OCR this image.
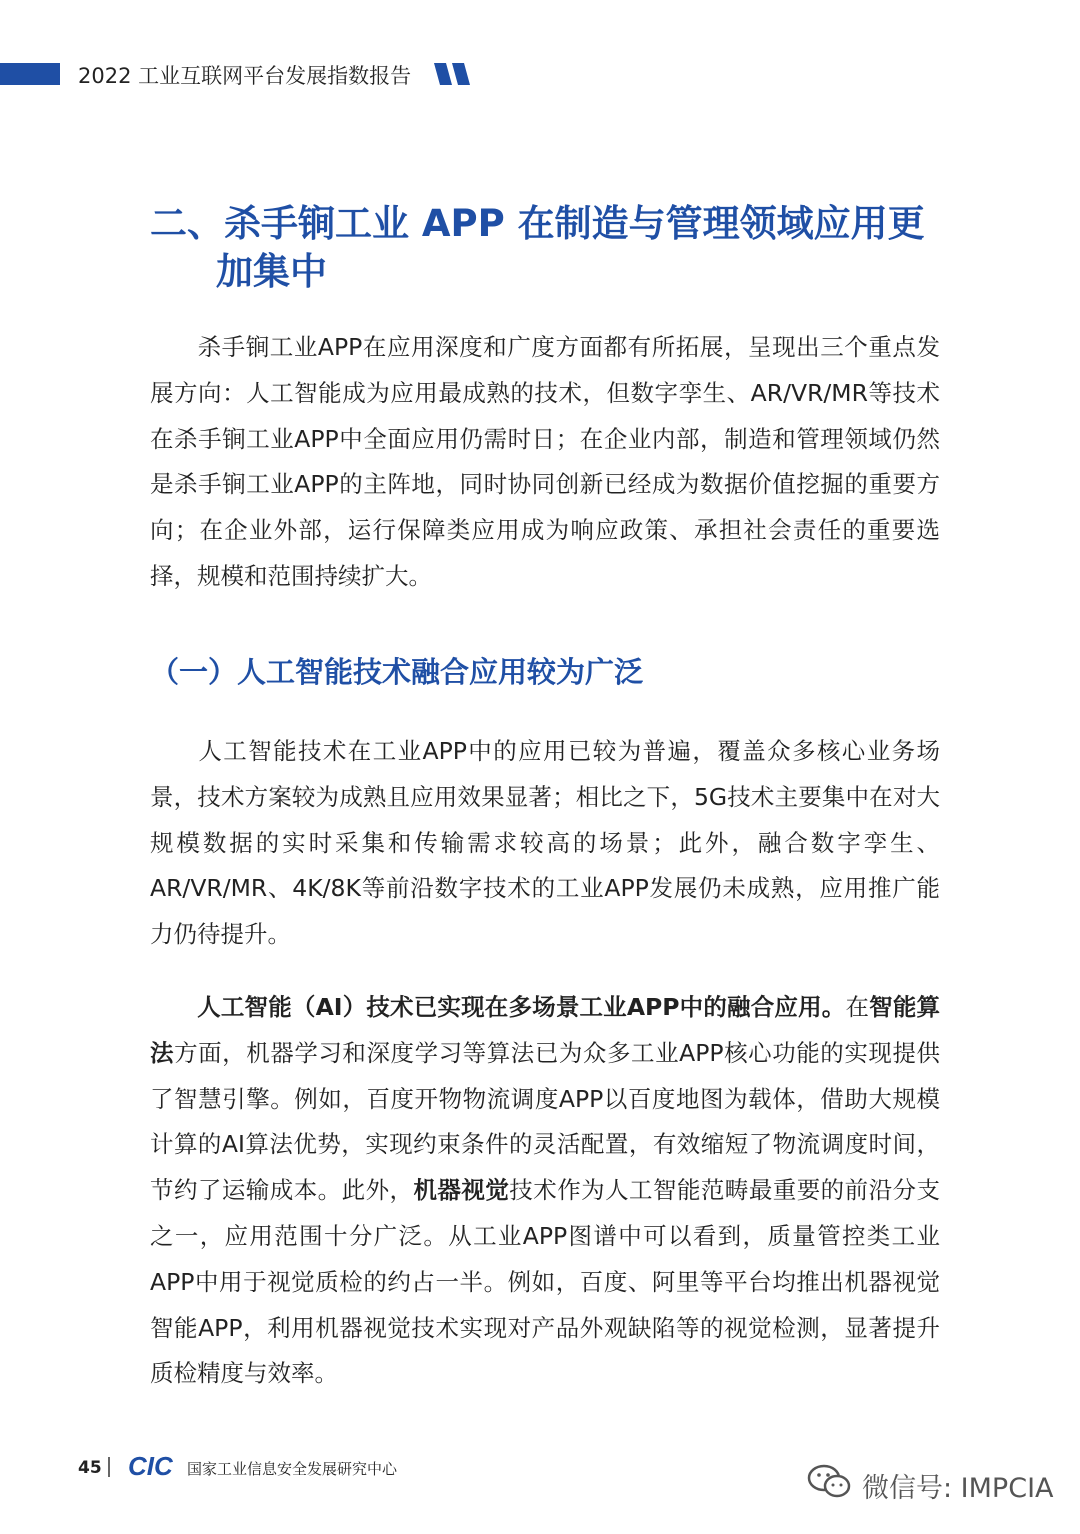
2022 工业互联网平台发展指数报告
二、杀手锏工业 APP 在制造与管理领域应用更
加集中
杀手锏工业APP在应用深度和广度方面都有所拓展，呈现出三个重点发展方向：人工智能成为应用最成熟的技术，但数字孪生、AR/VR/MR等技术在杀手锏工业APP中全面应用仍需时日；在企业内部，制造和管理领域仍然是杀手锏工业APP的主阵地，同时协同创新已经成为数据价值挖掘的重要方向；在企业外部，运行保障类应用成为响应政策、承担社会责任的重要选择，规模和范围持续扩大。
（一）人工智能技术融合应用较为广泛
人工智能技术在工业APP中的应用已较为普遍，覆盖众多核心业务场景，技术方案较为成熟且应用效果显著；相比之下，5G技术主要集中在对大规模数据的实时采集和传输需求较高的场景；此外，融合数字孪生、AR/VR/MR、4K/8K等前沿数字技术的工业APP发展仍未成熟，应用推广能力仍待提升。
人工智能（AI）技术已实现在多场景工业APP中的融合应用。在智能算法方面，机器学习和深度学习等算法已为众多工业APP核心功能的实现提供了智慧引擎。例如，百度开物物流调度APP以百度地图为载体，借助大规模计算的AI算法优势，实现约束条件的灵活配置，有效缩短了物流调度时间，节约了运输成本。此外，机器视觉技术作为人工智能范畴最重要的前沿分支之一，应用范围十分广泛。从工业APP图谱中可以看到，质量管控类工业APP中用于视觉质检的约占一半。例如，百度、阿里等平台均推出机器视觉智能APP，利用机器视觉技术实现对产品外观缺陷等的视觉检测，显著提升质检精度与效率。
45 CIC 国家工业信息安全发展研究中心
微信号: IMPCIA
